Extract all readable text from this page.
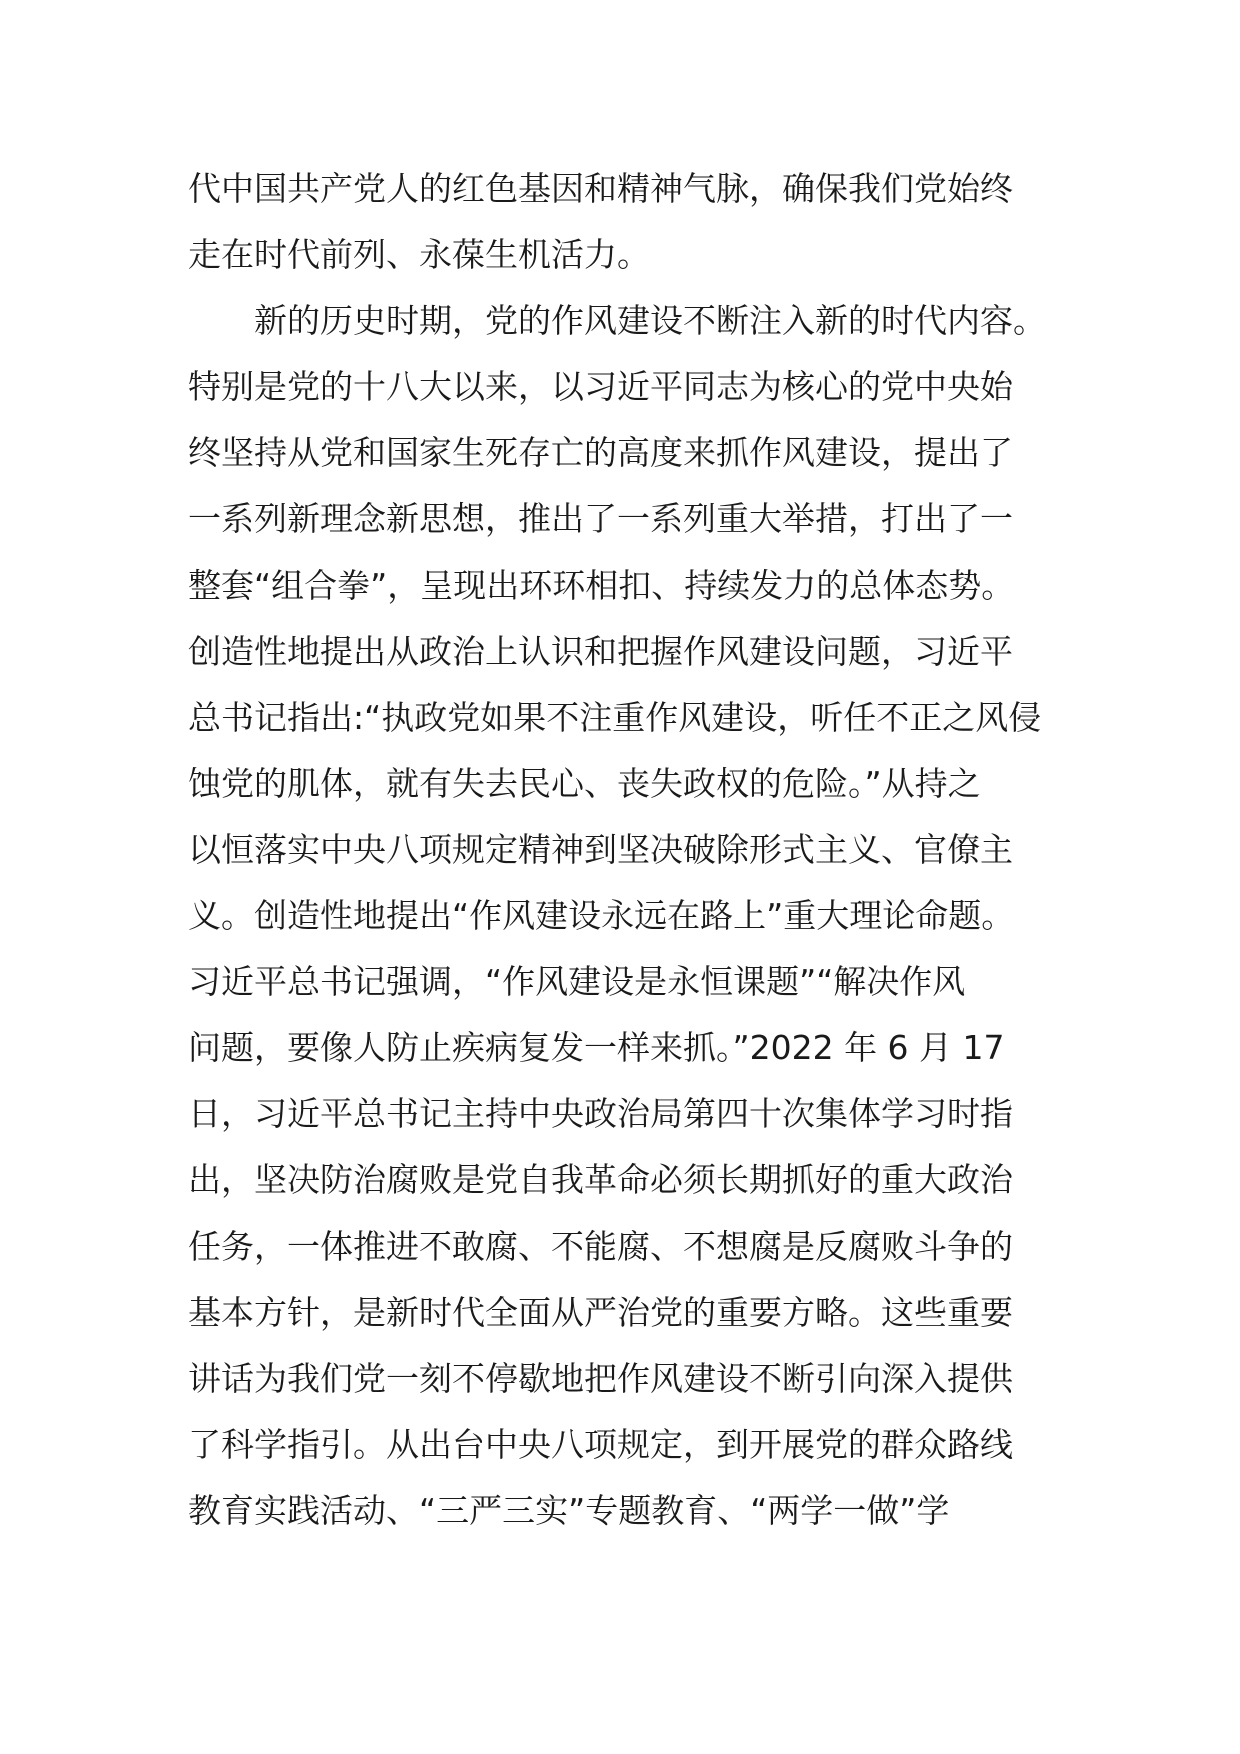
代中国共产党人的红色基因和精神气脉，确保我们党始终
走在时代前列、永葆生机活力。
　　新的历史时期，党的作风建设不断注入新的时代内容。
特别是党的十八大以来，以习近平同志为核心的党中央始
终坚持从党和国家生死存亡的高度来抓作风建设，提出了
一系列新理念新思想，推出了一系列重大举措，打出了一
整套“组合拳”，呈现出环环相扣、持续发力的总体态势。
创造性地提出从政治上认识和把握作风建设问题，习近平
总书记指出:“执政党如果不注重作风建设，听任不正之风侵
蚀党的肌体，就有失去民心、丧失政权的危险。”从持之
以恒落实中央八项规定精神到坚决破除形式主义、官僚主
义。创造性地提出“作风建设永远在路上”重大理论命题。
习近平总书记强调，“作风建设是永恒课题”“解决作风
问题，要像人防止疾病复发一样来抓。”2022 年 6 月 17
日，习近平总书记主持中央政治局第四十次集体学习时指
出，坚决防治腐败是党自我革命必须长期抓好的重大政治
任务，一体推进不敢腐、不能腐、不想腐是反腐败斗争的
基本方针，是新时代全面从严治党的重要方略。这些重要
讲话为我们党一刻不停歇地把作风建设不断引向深入提供
了科学指引。从出台中央八项规定，到开展党的群众路线
教育实践活动、“三严三实”专题教育、“两学一做”学
